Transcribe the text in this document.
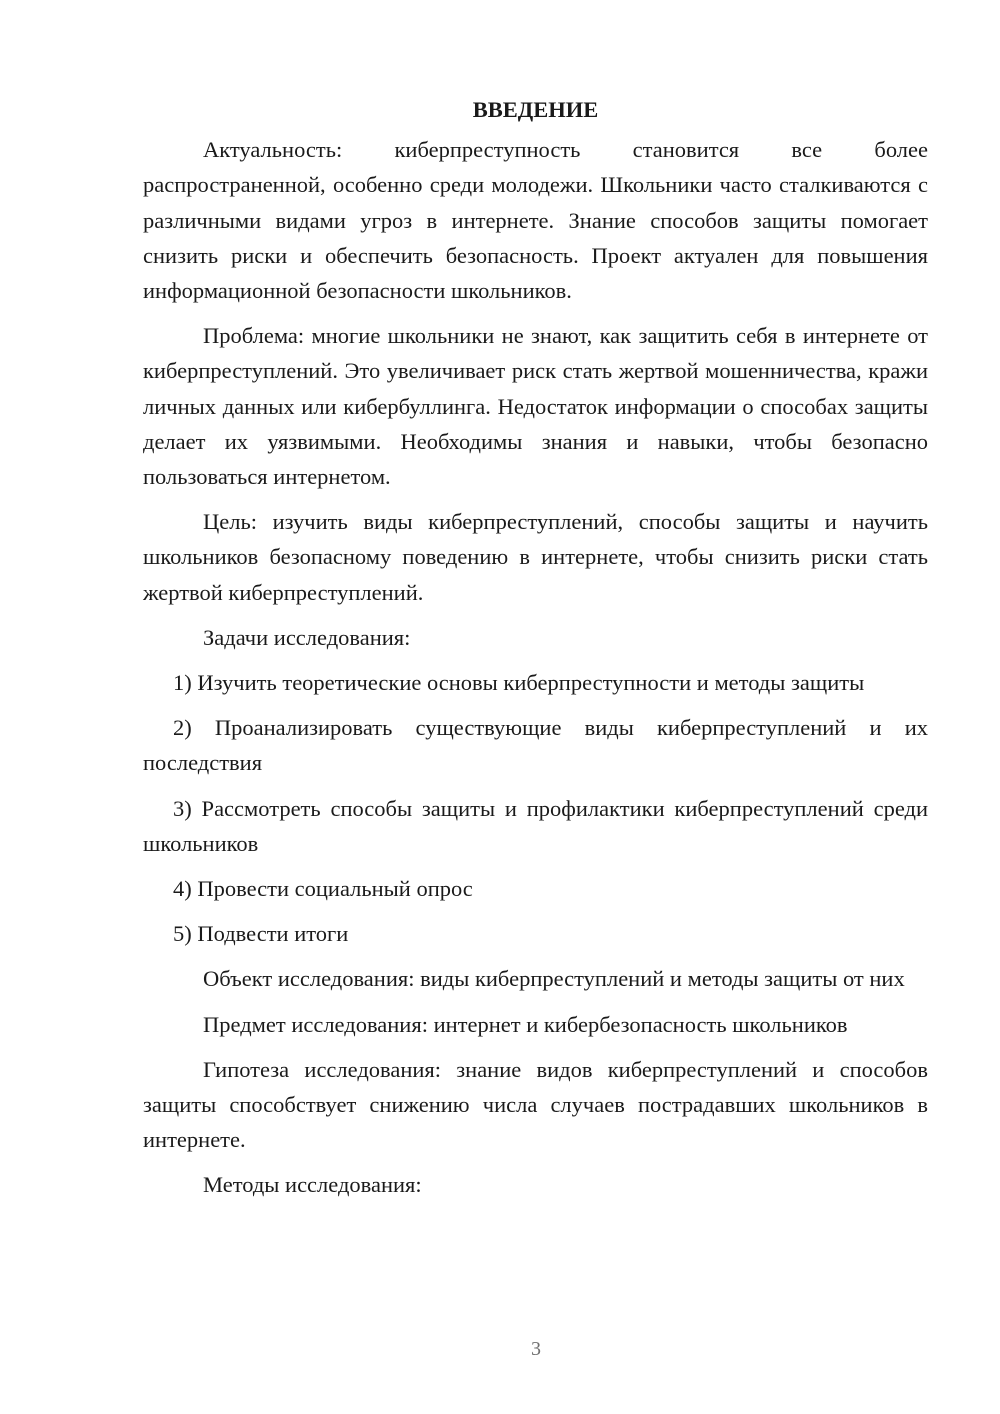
ВВЕДЕНИЕ
Актуальность: киберпреступность становится все более распространенной, особенно среди молодежи. Школьники часто сталкиваются с различными видами угроз в интернете. Знание способов защиты помогает снизить риски и обеспечить безопасность. Проект актуален для повышения информационной безопасности школьников.
Проблема: многие школьники не знают, как защитить себя в интернете от киберпреступлений. Это увеличивает риск стать жертвой мошенничества, кражи личных данных или кибербуллинга. Недостаток информации о способах защиты делает их уязвимыми. Необходимы знания и навыки, чтобы безопасно пользоваться интернетом.
Цель: изучить виды киберпреступлений, способы защиты и научить школьников безопасному поведению в интернете, чтобы снизить риски стать жертвой киберпреступлений.
Задачи исследования:
1) Изучить теоретические основы киберпреступности и методы защиты
2) Проанализировать существующие виды киберпреступлений и их последствия
3) Рассмотреть способы защиты и профилактики киберпреступлений среди школьников
4) Провести социальный опрос
5) Подвести итоги
Объект исследования: виды киберпреступлений и методы защиты от них
Предмет исследования: интернет и кибербезопасность школьников
Гипотеза исследования: знание видов киберпреступлений и способов защиты способствует снижению числа случаев пострадавших школьников в интернете.
Методы исследования:
3
